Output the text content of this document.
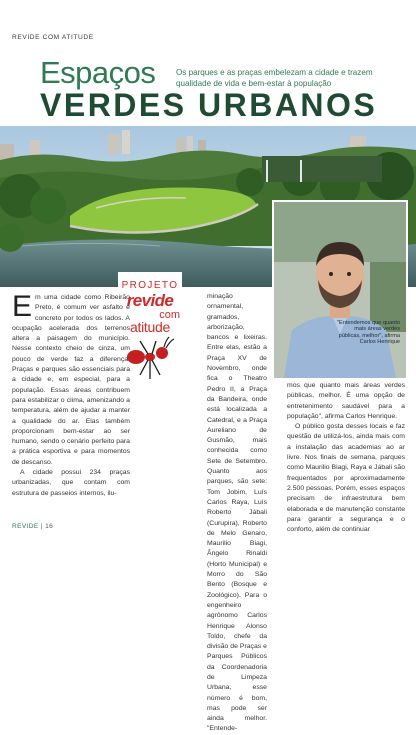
REVIDE COM ATITUDE
Espaços
VERDES URBANOS
Os parques e as praças embelezam a cidade e trazem qualidade de vida e bem-estar à população
PROJETO
revide
com
atitude	"Entendemos que quanto mais áreas verdes públicas, melhor", afirma Carlos Henrique

Em uma cidade como Ribeirão Preto, é comum ver asfalto e concreto por todos os lados. A ocupação acelerada dos terrenos altera a paisagem do município. Nesse contexto cheio de cinza, um pouco de verde faz a diferença. Praças e parques são essenciais para a cidade e, em especial, para a população. Essas áreas contribuem para estabilizar o clima, amenizando a temperatura, além de ajudar a manter a qualidade do ar. Elas também proporcionam bem-estar ao ser humano, sendo o cenário perfeito para a prática esportiva e para momentos de descanso.

A cidade possui 234 praças urbanizadas, que contam com estrutura de passeios internos, ilu-

minação ornamental, gramados, arborização, bancos e lixeiras. Entre elas, estão a Praça XV de Novembro, onde fica o Theatro Pedro II, a Praça da Bandeira, onde está localizada a Catedral, e a Praça Aureliano de Gusmão, mais conhecida como Sete de Setembro. Quanto aos parques, são sete: Tom Jobim, Luís Carlos Raya, Luís Roberto Jábali (Curupira), Roberto de Melo Genaro, Maurilio Biagi, Ângelo Rinaldi (Horto Municipal) e Morro do São Bento (Bosque e Zoológico). Para o engenheiro agrônomo Carlos Henrique Alonso Toldo, chefe da divisão de Praças e Parques Públicos da Coordenadoria de Limpeza Urbana, esse número é bom, mas pode ser ainda melhor. "Entende-

mos que quanto mais áreas verdes públicas, melhor. É uma opção de entretenimento saudável para a população", afirma Carlos Henrique.

O público gosta desses locais e faz questão de utilizá-los, ainda mais com a instalação das academias ao ar livre. Nos finais de semana, parques como Maurilio Biagi, Raya e Jábali são frequentados por aproximadamente 2.500 pessoas. Porém, esses espaços precisam de infraestrutura bem elaborada e de manutenção constante para garantir a segurança e o conforto, além de continuar

REVIDE | 16
